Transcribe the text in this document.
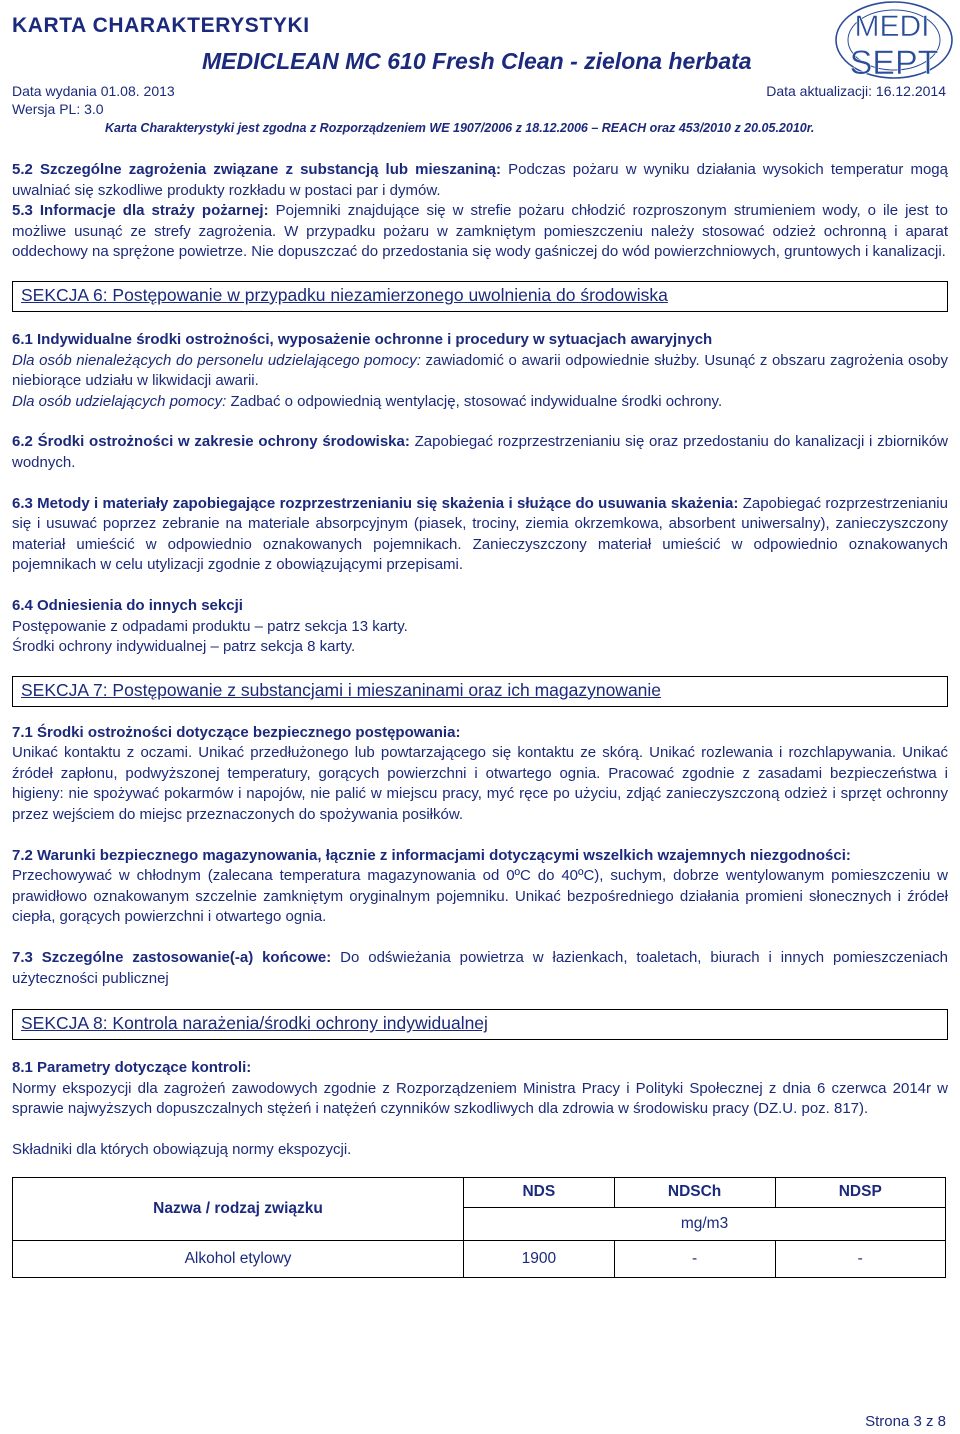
KARTA CHARAKTERYSTYKI
MEDICLEAN MC 610 Fresh Clean - zielona herbata
Data wydania 01.08. 2013	Data aktualizacji: 16.12.2014
Wersja PL: 3.0
Karta Charakterystyki jest zgodna z Rozporządzeniem WE 1907/2006 z 18.12.2006 – REACH oraz 453/2010 z 20.05.2010r.
MEDI
SEPT

5.2 Szczególne zagrożenia związane z substancją lub mieszaniną: Podczas pożaru w wyniku działania wysokich temperatur mogą uwalniać się szkodliwe produkty rozkładu w postaci par i dymów.

5.3 Informacje dla straży pożarnej: Pojemniki znajdujące się w strefie pożaru chłodzić rozproszonym strumieniem wody, o ile jest to możliwe usunąć ze strefy zagrożenia. W przypadku pożaru w zamkniętym pomieszczeniu należy stosować odzież ochronną i aparat oddechowy na sprężone powietrze. Nie dopuszczać do przedostania się wody gaśniczej do wód powierzchniowych, gruntowych i kanalizacji.

SEKCJA 6: Postępowanie w przypadku niezamierzonego uwolnienia do środowiska

6.1 Indywidualne środki ostrożności, wyposażenie ochronne i procedury w sytuacjach awaryjnych
Dla osób nienależących do personelu udzielającego pomocy: zawiadomić o awarii odpowiednie służby. Usunąć z obszaru zagrożenia osoby niebiorące udziału w likwidacji awarii.
Dla osób udzielających pomocy: Zadbać o odpowiednią wentylację, stosować indywidualne środki ochrony.

6.2 Środki ostrożności w zakresie ochrony środowiska: Zapobiegać rozprzestrzenianiu się oraz przedostaniu do kanalizacji i zbiorników wodnych.

6.3 Metody i materiały zapobiegające rozprzestrzenianiu się skażenia i służące do usuwania skażenia: Zapobiegać rozprzestrzenianiu się i usuwać poprzez zebranie na materiale absorpcyjnym (piasek, trociny, ziemia okrzemkowa, absorbent uniwersalny), zanieczyszczony materiał umieścić w odpowiednio oznakowanych pojemnikach. Zanieczyszczony materiał umieścić w odpowiednio oznakowanych pojemnikach w celu utylizacji zgodnie z obowiązującymi przepisami.

6.4 Odniesienia do innych sekcji
Postępowanie z odpadami produktu – patrz sekcja 13 karty.
Środki ochrony indywidualnej – patrz sekcja 8 karty.

SEKCJA 7: Postępowanie z substancjami i mieszaninami oraz ich magazynowanie

7.1 Środki ostrożności dotyczące bezpiecznego postępowania:
Unikać kontaktu z oczami. Unikać przedłużonego lub powtarzającego się kontaktu ze skórą. Unikać rozlewania i rozchlapywania. Unikać źródeł zapłonu, podwyższonej temperatury, gorących powierzchni i otwartego ognia. Pracować zgodnie z zasadami bezpieczeństwa i higieny: nie spożywać pokarmów i napojów, nie palić w miejscu pracy, myć ręce po użyciu, zdjąć zanieczyszczoną odzież i sprzęt ochronny przez wejściem do miejsc przeznaczonych do spożywania posiłków.

7.2 Warunki bezpiecznego magazynowania, łącznie z informacjami dotyczącymi wszelkich wzajemnych niezgodności:
Przechowywać w chłodnym (zalecana temperatura magazynowania od 0ºC do 40ºC), suchym, dobrze wentylowanym pomieszczeniu w prawidłowo oznakowanym szczelnie zamkniętym oryginalnym pojemniku. Unikać bezpośredniego działania promieni słonecznych i źródeł ciepła, gorących powierzchni i otwartego ognia.

7.3 Szczególne zastosowanie(-a) końcowe: Do odświeżania powietrza w łazienkach, toaletach, biurach i innych pomieszczeniach użyteczności publicznej

SEKCJA 8: Kontrola narażenia/środki ochrony indywidualnej

8.1 Parametry dotyczące kontroli:
Normy ekspozycji dla zagrożeń zawodowych zgodnie z Rozporządzeniem Ministra Pracy i Polityki Społecznej z dnia 6 czerwca 2014r w sprawie najwyższych dopuszczalnych stężeń i natężeń czynników szkodliwych dla zdrowia w środowisku pracy (DZ.U. poz. 817).

Składniki dla których obowiązują normy ekspozycji.

Nazwa / rodzaj związku	NDS	NDSCh	NDSP
	mg/m3		
Alkohol etylowy	1900	-	-
Strona 3 z 8
